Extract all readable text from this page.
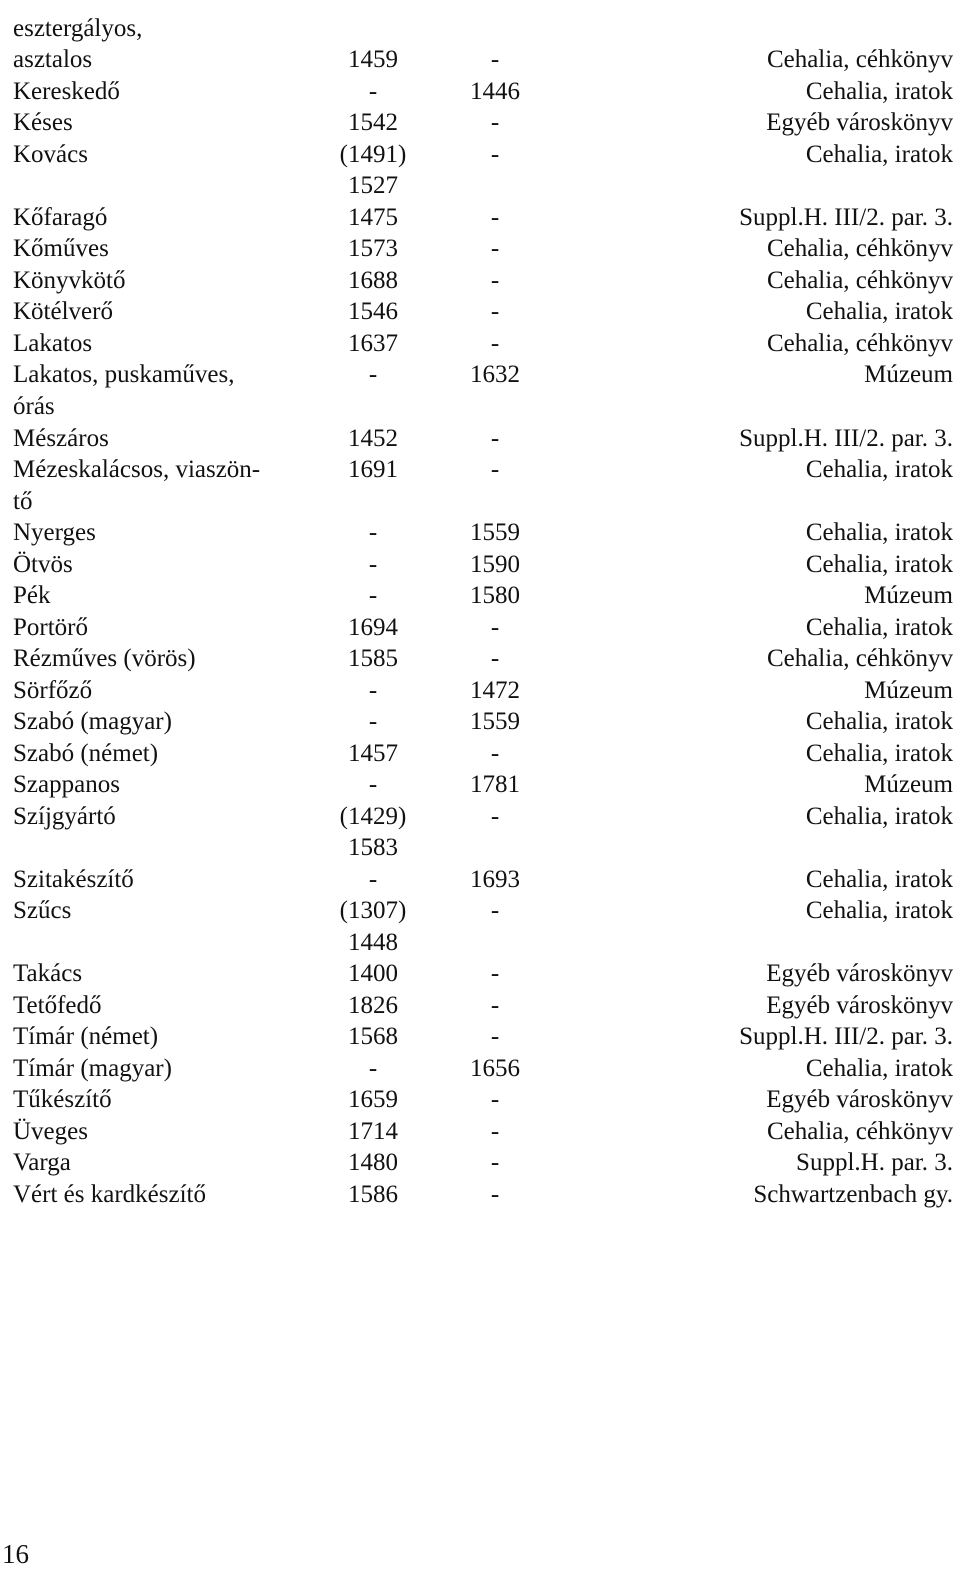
esztergályos,
asztalos	1459	-	Cehalia, céhkönyv
Kereskedő	-	1446	Cehalia, iratok
Késes	1542	-	Egyéb városkönyv
Kovács	(1491)	-	Cehalia, iratok
1527
Kőfaragó	1475	-	Suppl.H. III/2. par. 3.
Kőműves	1573	-	Cehalia, céhkönyv
Könyvkötő	1688	-	Cehalia, céhkönyv
Kötélverő	1546	-	Cehalia, iratok
Lakatos	1637	-	Cehalia, céhkönyv
Lakatos, puskaműves,	-	1632	Múzeum
órás
Mészáros	1452	-	Suppl.H. III/2. par. 3.
Mézeskalácsos, viaszön-	1691	-	Cehalia, iratok
tő
Nyerges	-	1559	Cehalia, iratok
Ötvös	-	1590	Cehalia, iratok
Pék	-	1580	Múzeum
Portörő	1694	-	Cehalia, iratok
Rézműves (vörös)	1585	-	Cehalia, céhkönyv
Sörfőző	-	1472	Múzeum
Szabó (magyar)	-	1559	Cehalia, iratok
Szabó (német)	1457	-	Cehalia, iratok
Szappanos	-	1781	Múzeum
Szíjgyártó	(1429)	-	Cehalia, iratok
1583
Szitakészítő	-	1693	Cehalia, iratok
Szűcs	(1307)	-	Cehalia, iratok
1448
Takács	1400	-	Egyéb városkönyv
Tetőfedő	1826	-	Egyéb városkönyv
Tímár (német)	1568	-	Suppl.H. III/2. par. 3.
Tímár (magyar)	-	1656	Cehalia, iratok
Tűkészítő	1659	-	Egyéb városkönyv
Üveges	1714	-	Cehalia, céhkönyv
Varga	1480	-	Suppl.H. par. 3.
Vért és kardkészítő	1586	-	Schwartzenbach gy.
16
